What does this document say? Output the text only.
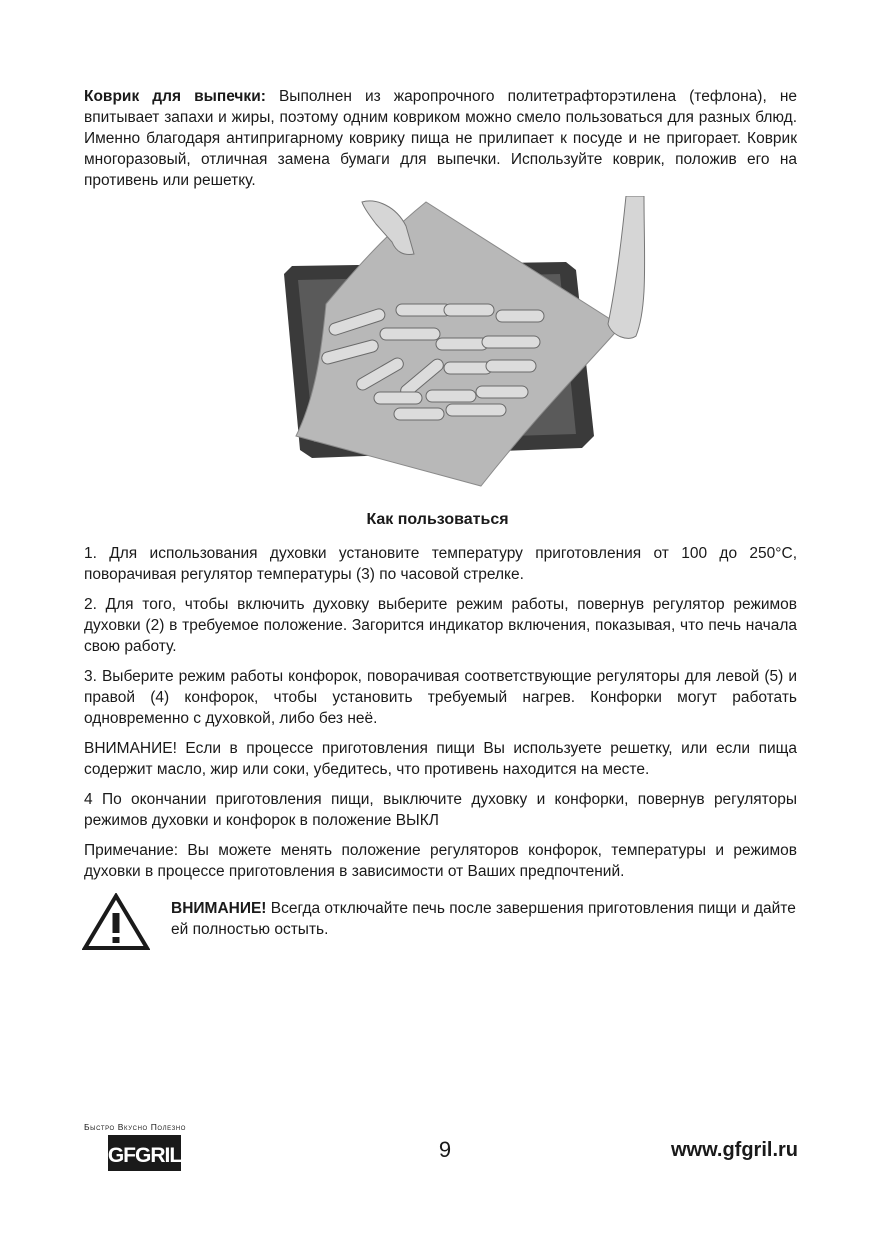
Коврик для выпечки: Выполнен из жаропрочного политетрафторэтилена (тефлона), не впитывает запахи и жиры, поэтому одним ковриком можно смело пользоваться для разных блюд. Именно благодаря антипригарному коврику пища не прилипает к посуде и не пригорает. Коврик многоразовый, отличная замена бумаги для выпечки. Используйте коврик, положив его на противень или решетку.

Как пользоваться

1. Для использования духовки установите температуру приготовления от 100 до 250°С, поворачивая регулятор температуры (3) по часовой стрелке.

2. Для того, чтобы включить духовку выберите режим работы, повернув регулятор режимов духовки (2) в требуемое положение. Загорится индикатор включения, показывая, что печь начала свою работу.

3. Выберите режим работы конфорок, поворачивая соответствующие регуляторы для левой (5) и правой (4) конфорок, чтобы установить требуемый нагрев. Конфорки могут работать одновременно с духовкой, либо без неё.

ВНИМАНИЕ! Если в процессе приготовления пищи Вы используете решетку, или если пища содержит масло, жир или соки, убедитесь, что противень находится на месте.

4 По окончании приготовления пищи, выключите духовку и конфорки, повернув регуляторы режимов духовки и конфорок в положение ВЫКЛ

Примечание: Вы можете менять положение регуляторов конфорок, температуры и режимов духовки в процессе приготовления в зависимости от Ваших предпочтений.

ВНИМАНИЕ! Всегда отключайте печь после завершения приготовления пищи и дайте ей полностью остыть.
Быстро Вкусно Полезно
GFGRIL	9	www.gfgril.ru
